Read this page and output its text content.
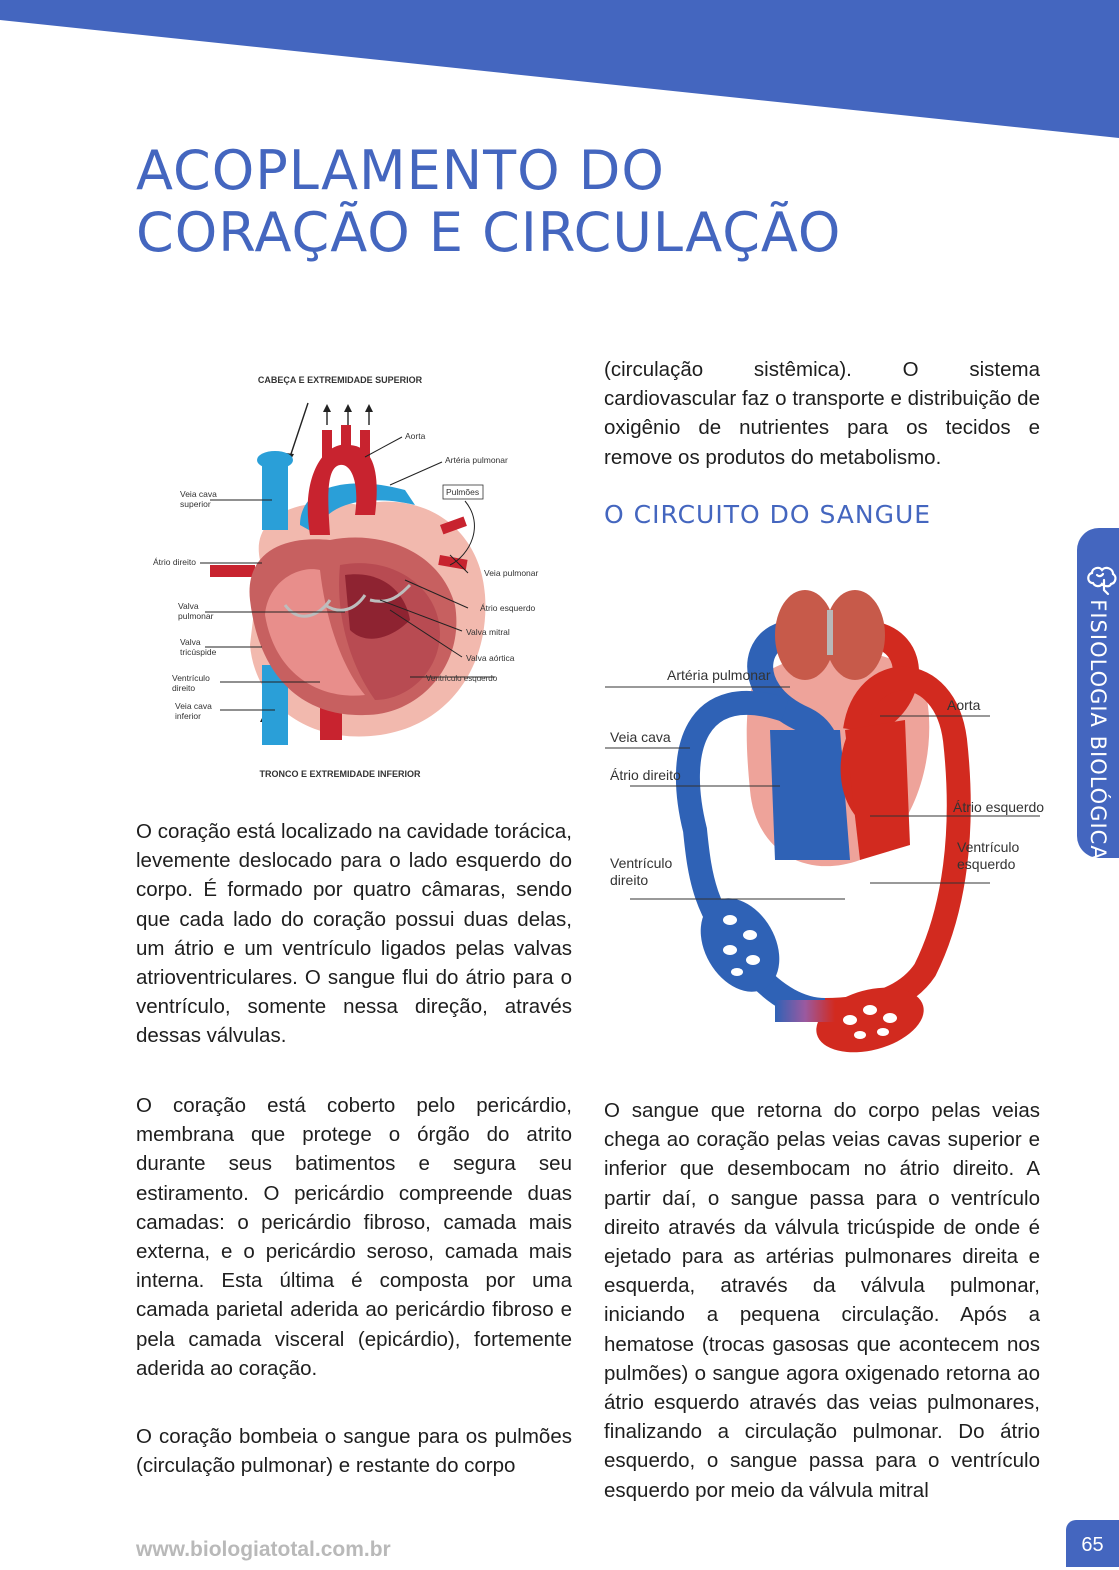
ACOPLAMENTO DO
CORAÇÃO E CIRCULAÇÃO
CABEÇA E EXTREMIDADE SUPERIOR
Pulmões
Aorta
Artéria pulmonar
Veia cava superior
Átrio direito
Veia pulmonar
Átrio esquerdo
Valva pulmonar
Valva mitral
Valva tricúspide
Valva aórtica
Ventrículo direito
Ventrículo esquerdo
Veia cava inferior
TRONCO E EXTREMIDADE INFERIOR

O coração está localizado na cavidade torácica, levemente deslocado para o lado esquerdo do corpo. É formado por quatro câmaras, sendo que cada lado do coração possui duas delas, um átrio e um ventrículo ligados pelas valvas atrioventriculares. O sangue flui do átrio para o ventrículo, somente nessa direção, através dessas válvulas.

O coração está coberto pelo pericárdio, membrana que protege o órgão do atrito durante seus batimentos e segura seu estiramento. O pericárdio compreende duas camadas: o pericárdio fibroso, camada mais externa, e o pericárdio seroso, camada mais interna. Esta última é composta por uma camada parietal aderida ao pericárdio fibroso e pela camada visceral (epicárdio), fortemente aderida ao coração.

O coração bombeia o sangue para os pulmões (circulação pulmonar) e restante do corpo

(circulação sistêmica). O sistema cardiovascular faz o transporte e distribuição de oxigênio de nutrientes para os tecidos e remove os produtos do metabolismo.

O CIRCUITO DO SANGUE
Artéria pulmonar
Aorta
Veia cava
Átrio esquerdo
Átrio direito
Ventrículo esquerdo
Ventrículo direito

O sangue que retorna do corpo pelas veias chega ao coração pelas veias cavas superior e inferior que desembocam no átrio direito. A partir daí, o sangue passa para o ventrículo direito através da válvula tricúspide de onde é ejetado para as artérias pulmonares direita e esquerda, através da válvula pulmonar, iniciando a pequena circulação. Após a hematose (trocas gasosas que acontecem nos pulmões) o sangue agora oxigenado retorna ao átrio esquerdo através das veias pulmonares, finalizando a circulação pulmonar. Do átrio esquerdo, o sangue passa para o ventrículo esquerdo por meio da válvula mitral

FISIOLOGIA BIOLÓGICA
www.biologiatotal.com.br	65
